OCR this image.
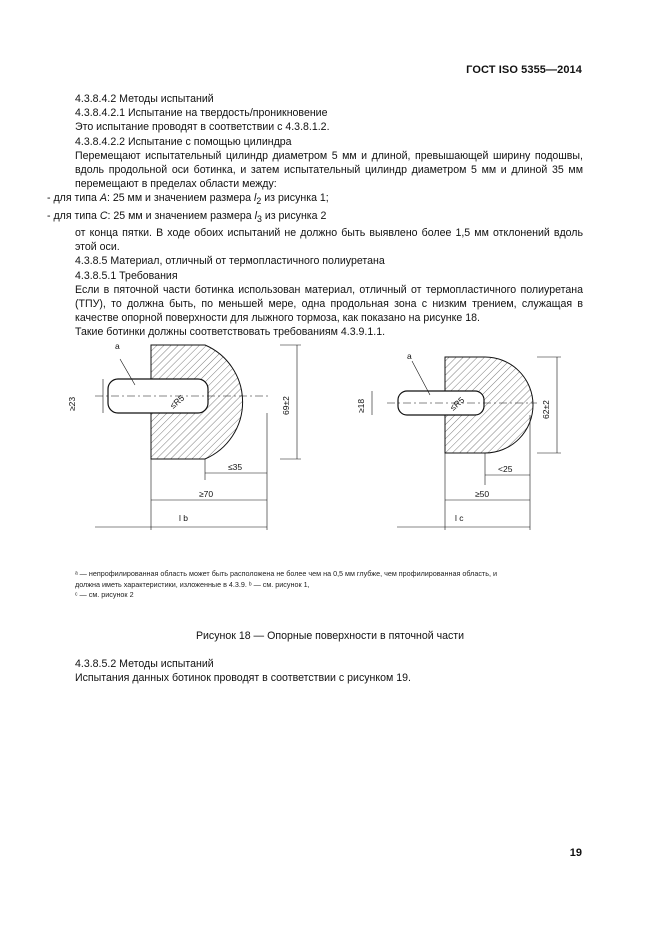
ГОСТ ISO 5355—2014

4.3.8.4.2 Методы испытаний

4.3.8.4.2.1 Испытание на твердость/проникновение

Это испытание проводят в соответствии с 4.3.8.1.2.

4.3.8.4.2.2 Испытание с помощью цилиндра

Перемещают испытательный цилиндр диаметром 5 мм и длиной, превышающей ширину подошвы, вдоль продольной оси ботинка, и затем испытательный цилиндр диаметром 5 мм и длиной 35 мм перемещают в пределах области между:

- для типа A: 25 мм и значением размера $l_2$ из рисунка 1;

- для типа C: 25 мм и значением размера $l_3$ из рисунка 2

от конца пятки. В ходе обоих испытаний не должно быть выявлено более 1,5 мм отклонений вдоль этой оси.

4.3.8.5 Материал, отличный от термопластичного полиуретана

4.3.8.5.1 Требования

Если в пяточной части ботинка использован материал, отличный от термопластичного полиуретана (ТПУ), то должна быть, по меньшей мере, одна продольная зона с низким трением, служащая в качестве опорной поверхности для лыжного тормоза, как показано на рисунке 18.

Такие ботинки должны соответствовать требованиям 4.3.9.1.1.

a
≤R5
≥23	69±2
≤35
≥70
l b
a
≤R5
≥18	62±2
<25
≥50
l c
ᵃ — непрофилированная область может быть расположена не более чем на 0,5 мм глубже, чем профилированная область, и
должна иметь характеристики, изложенные в 4.3.9. ᵇ — см. рисунок 1,
ᶜ — см. рисунок 2
Рисунок 18 — Опорные поверхности в пяточной части

4.3.8.5.2 Методы испытаний

Испытания данных ботинок проводят в соответствии с рисунком 19.

19
